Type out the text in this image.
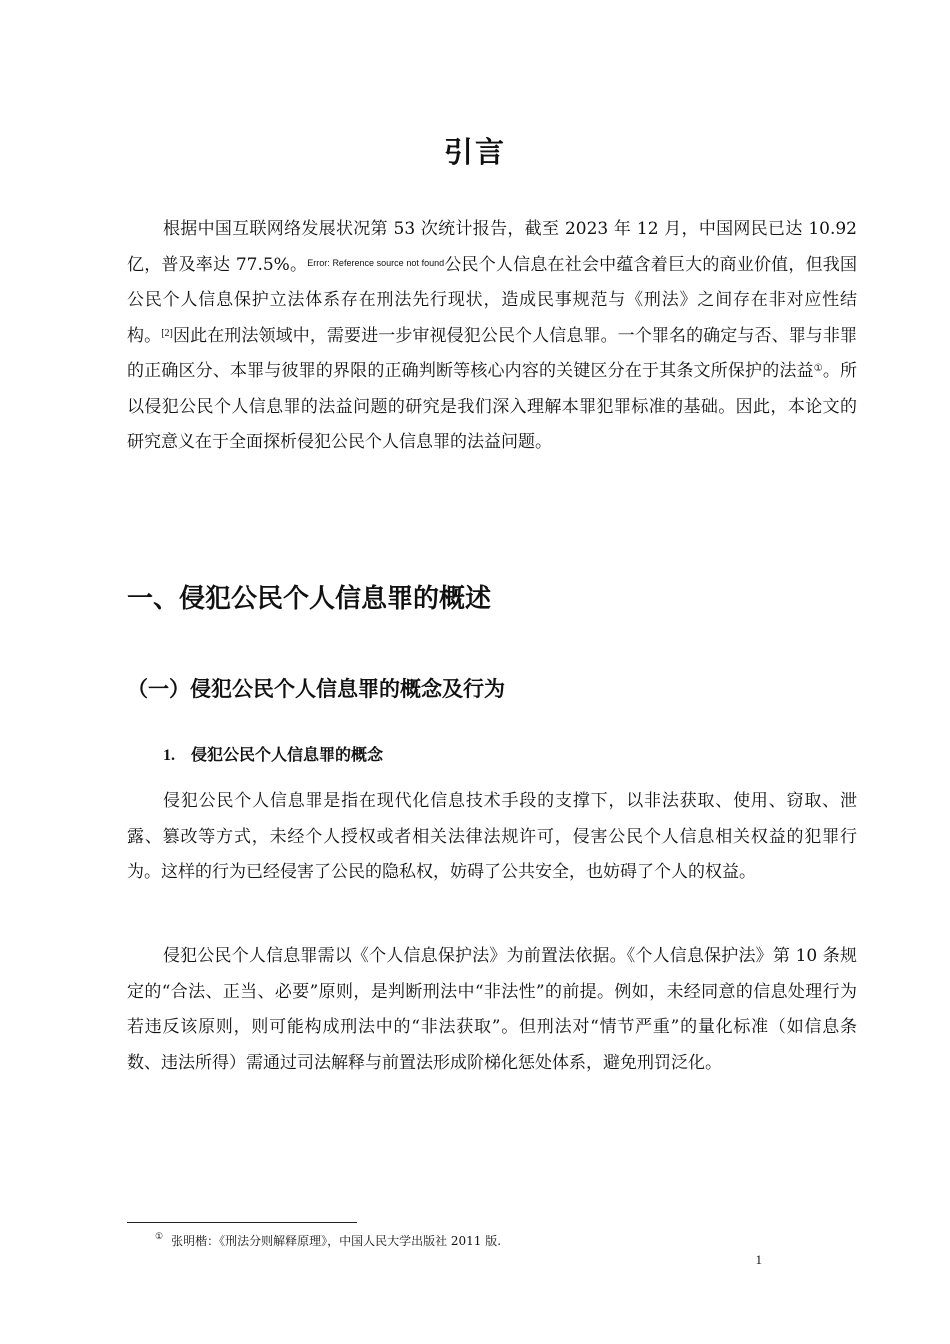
引言
根据中国互联网络发展状况第 53 次统计报告，截至 2023 年 12 月，中国网民已达 10.92 亿，普及率达 77.5%。$^{Error: Reference source not found}$公民个人信息在社会中蕴含着巨大的商业价值，但我国公民个人信息保护立法体系存在刑法先行现状，造成民事规范与《刑法》之间存在非对应性结构。[2]因此在刑法领域中，需要进一步审视侵犯公民个人信息罪。一个罪名的确定与否、罪与非罪的正确区分、本罪与彼罪的界限的正确判断等核心内容的关键区分在于其条文所保护的法益①。所以侵犯公民个人信息罪的法益问题的研究是我们深入理解本罪犯罪标准的基础。因此，本论文的研究意义在于全面探析侵犯公民个人信息罪的法益问题。
一、侵犯公民个人信息罪的概述
（一）侵犯公民个人信息罪的概念及行为
1. 侵犯公民个人信息罪的概念
侵犯公民个人信息罪是指在现代化信息技术手段的支撑下，以非法获取、使用、窃取、泄露、篡改等方式，未经个人授权或者相关法律法规许可，侵害公民个人信息相关权益的犯罪行为。这样的行为已经侵害了公民的隐私权，妨碍了公共安全，也妨碍了个人的权益。
侵犯公民个人信息罪需以《个人信息保护法》为前置法依据。《个人信息保护法》第 10 条规定的“合法、正当、必要”原则，是判断刑法中“非法性”的前提。例如，未经同意的信息处理行为若违反该原则，则可能构成刑法中的“非法获取”。但刑法对“情节严重”的量化标准（如信息条数、违法所得）需通过司法解释与前置法形成阶梯化惩处体系，避免刑罚泛化。
① 张明楷：《刑法分则解释原理》，中国人民大学出版社 2011 版.
1
